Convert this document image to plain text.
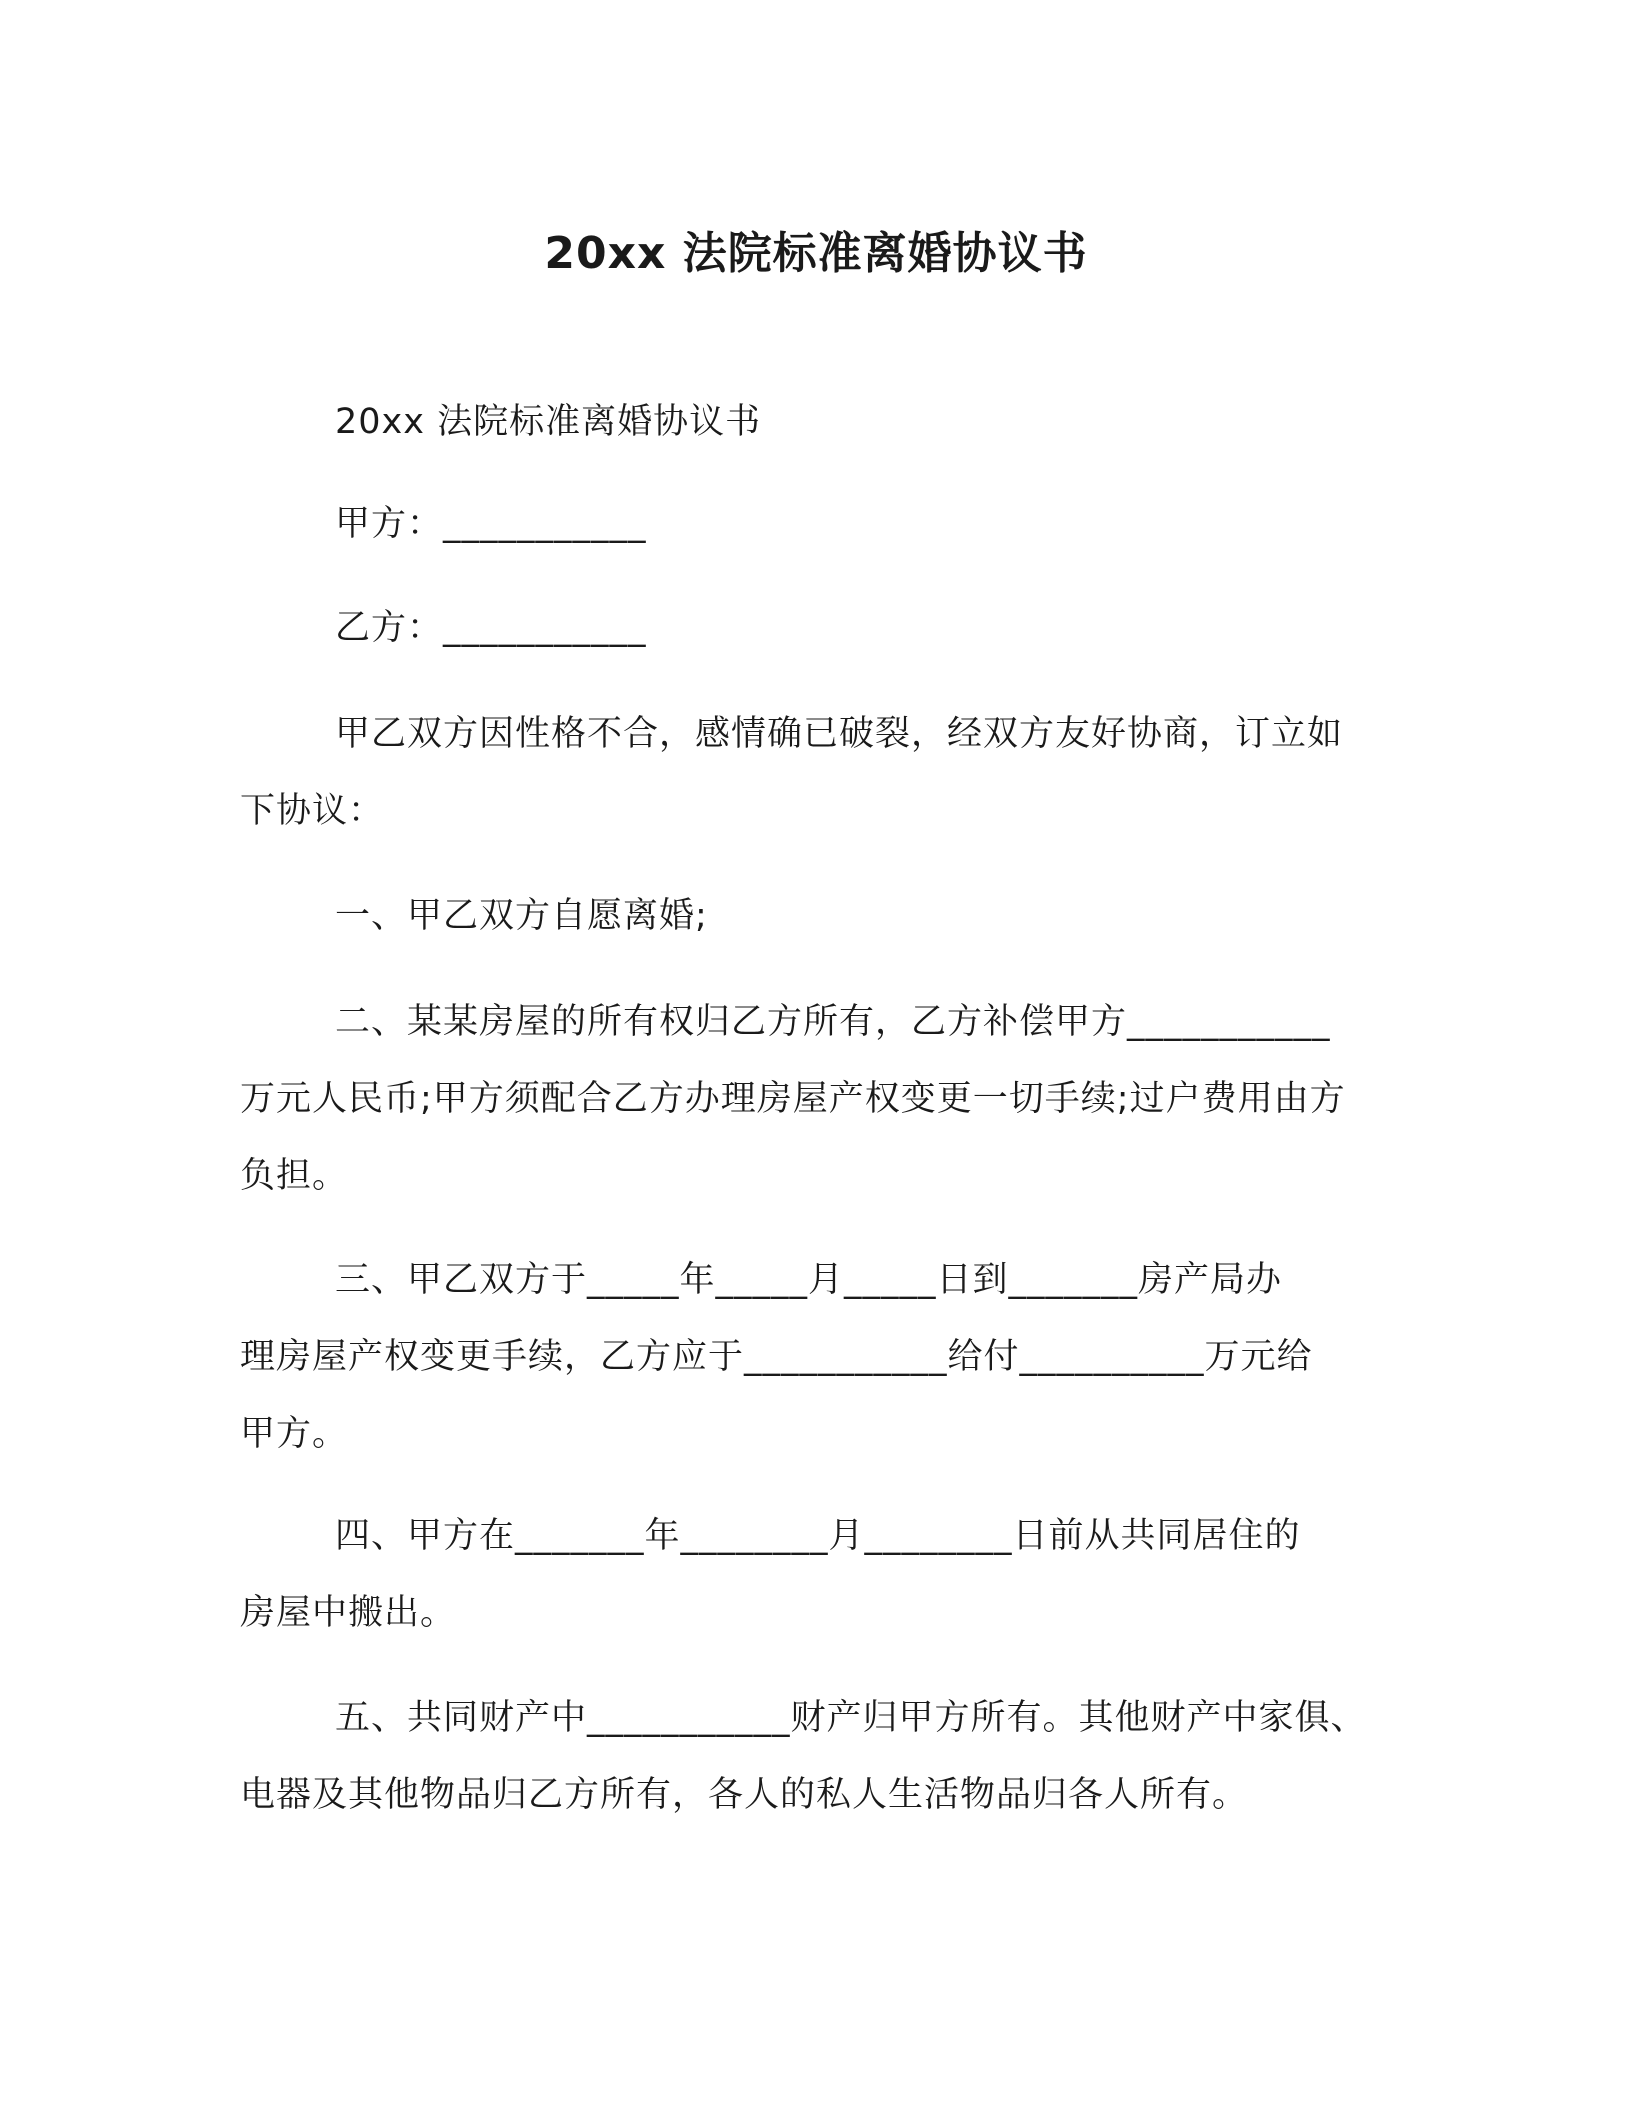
20xx 法院标准离婚协议书

20xx 法院标准离婚协议书

甲方：___________

乙方：___________

甲乙双方因性格不合，感情确已破裂，经双方友好协商，订立如
下协议：

一、甲乙双方自愿离婚;

二、某某房屋的所有权归乙方所有，乙方补偿甲方___________
万元人民币;甲方须配合乙方办理房屋产权变更一切手续;过户费用由方
负担。

三、甲乙双方于_____年_____月_____日到_______房产局办
理房屋产权变更手续，乙方应于___________给付__________万元给
甲方。

四、甲方在_______年________月________日前从共同居住的
房屋中搬出。

五、共同财产中___________财产归甲方所有。其他财产中家俱、
电器及其他物品归乙方所有，各人的私人生活物品归各人所有。
